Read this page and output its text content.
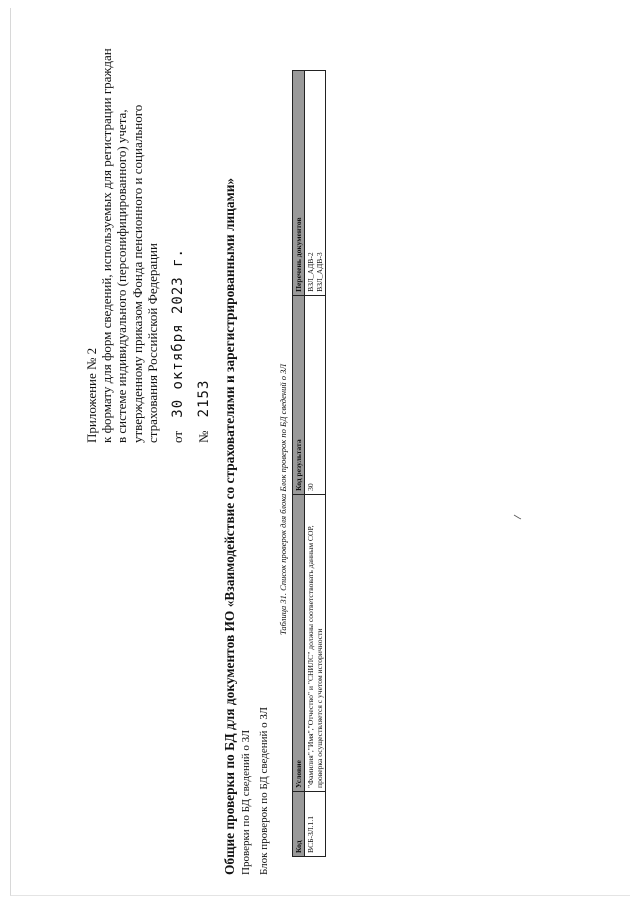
Приложение № 2 к формату для форм сведений, используемых для регистрации граждан в системе индивидуального (персонифицированного) учета, утвержденному приказом Фонда пенсионного и социального страхования Российской Федерации от 30 октября 2023 г.
№ 2153 Общие проверки по БД для документов ИО «Взаимодействие со страхователями и зарегистрированными лицами» Проверки по БД сведений о ЗЛ Блок проверок по БД сведений о ЗЛ
Таблица 31. Список проверок для блока Блок проверок по БД сведений о ЗЛ
Код	Условие	Код результата	Перечень документов
ВСБ-ЗЛ.1.1	"Фамилия","Имя","Отчество" и "СНИЛС" должны соответствовать данным СОР, проверка осуществляется с учетом историчности	30	ВЗЛ_АДВ-2 ВЗЛ_АДВ-3
